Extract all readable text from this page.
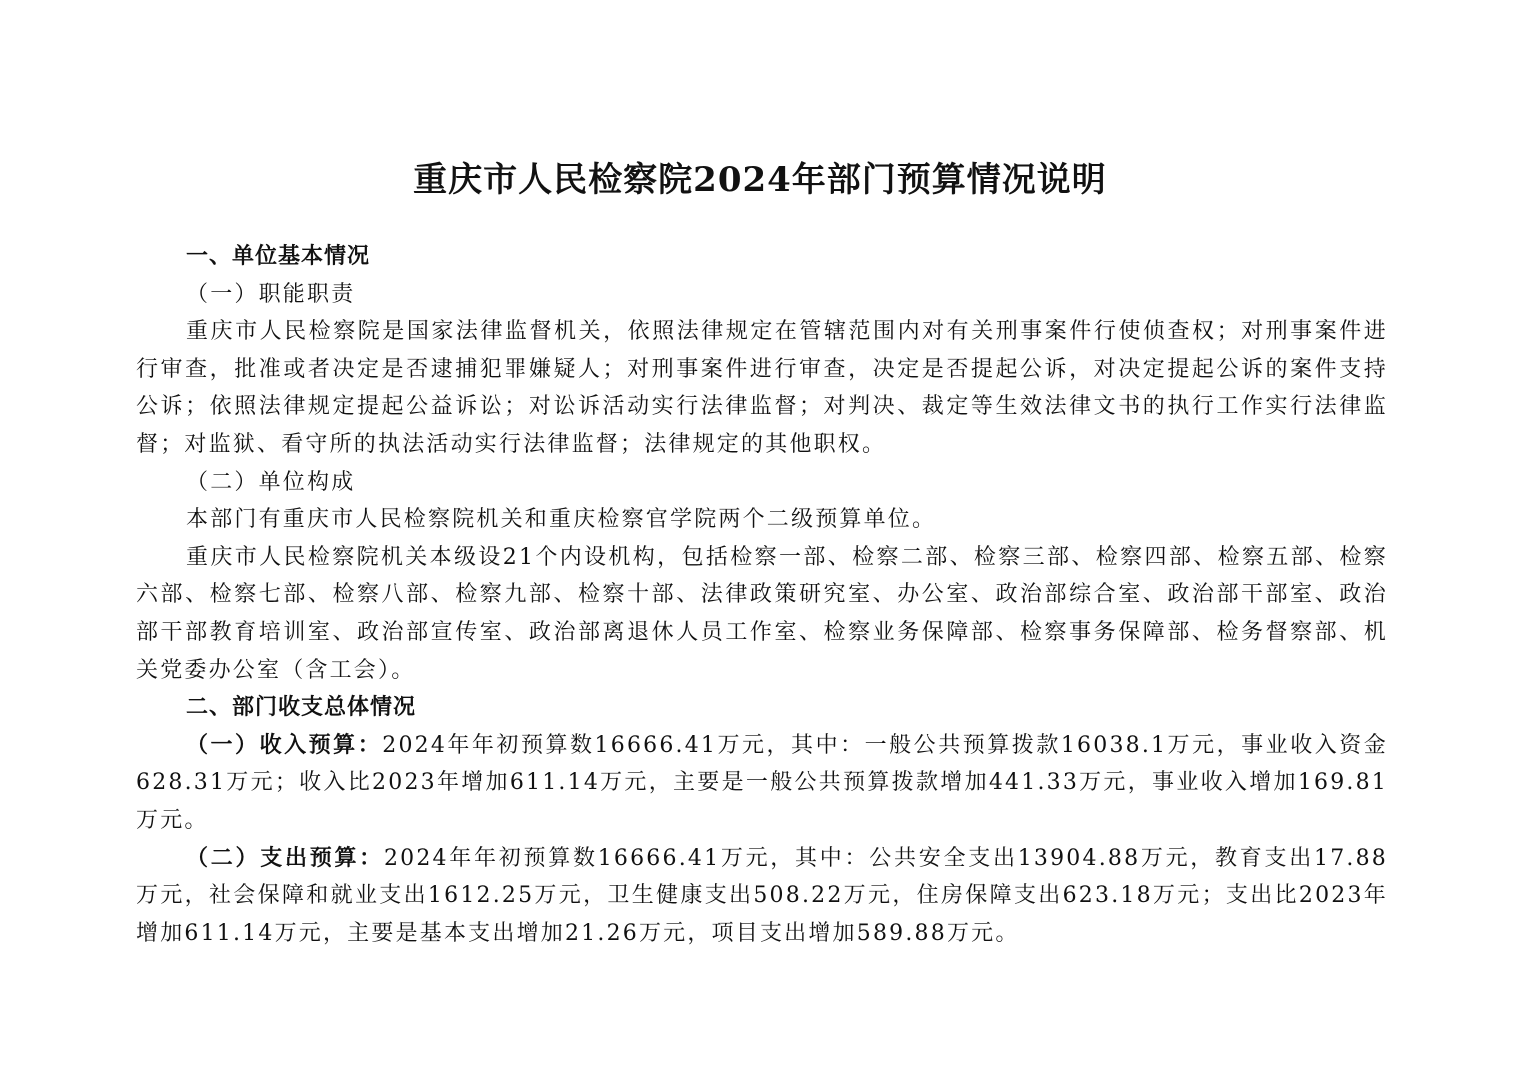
重庆市人民检察院2024年部门预算情况说明

一、单位基本情况

（一）职能职责

重庆市人民检察院是国家法律监督机关，依照法律规定在管辖范围内对有关刑事案件行使侦查权；对刑事案件进行审查，批准或者决定是否逮捕犯罪嫌疑人；对刑事案件进行审查，决定是否提起公诉，对决定提起公诉的案件支持公诉；依照法律规定提起公益诉讼；对讼诉活动实行法律监督；对判决、裁定等生效法律文书的执行工作实行法律监督；对监狱、看守所的执法活动实行法律监督；法律规定的其他职权。

（二）单位构成

本部门有重庆市人民检察院机关和重庆检察官学院两个二级预算单位。

重庆市人民检察院机关本级设21个内设机构，包括检察一部、检察二部、检察三部、检察四部、检察五部、检察六部、检察七部、检察八部、检察九部、检察十部、法律政策研究室、办公室、政治部综合室、政治部干部室、政治部干部教育培训室、政治部宣传室、政治部离退休人员工作室、检察业务保障部、检察事务保障部、检务督察部、机关党委办公室（含工会）。

二、部门收支总体情况

（一）收入预算：2024年年初预算数16666.41万元，其中：一般公共预算拨款16038.1万元，事业收入资金628.31万元；收入比2023年增加611.14万元，主要是一般公共预算拨款增加441.33万元，事业收入增加169.81万元。

（二）支出预算：2024年年初预算数16666.41万元，其中：公共安全支出13904.88万元，教育支出17.88万元，社会保障和就业支出1612.25万元，卫生健康支出508.22万元，住房保障支出623.18万元；支出比2023年增加611.14万元，主要是基本支出增加21.26万元，项目支出增加589.88万元。
